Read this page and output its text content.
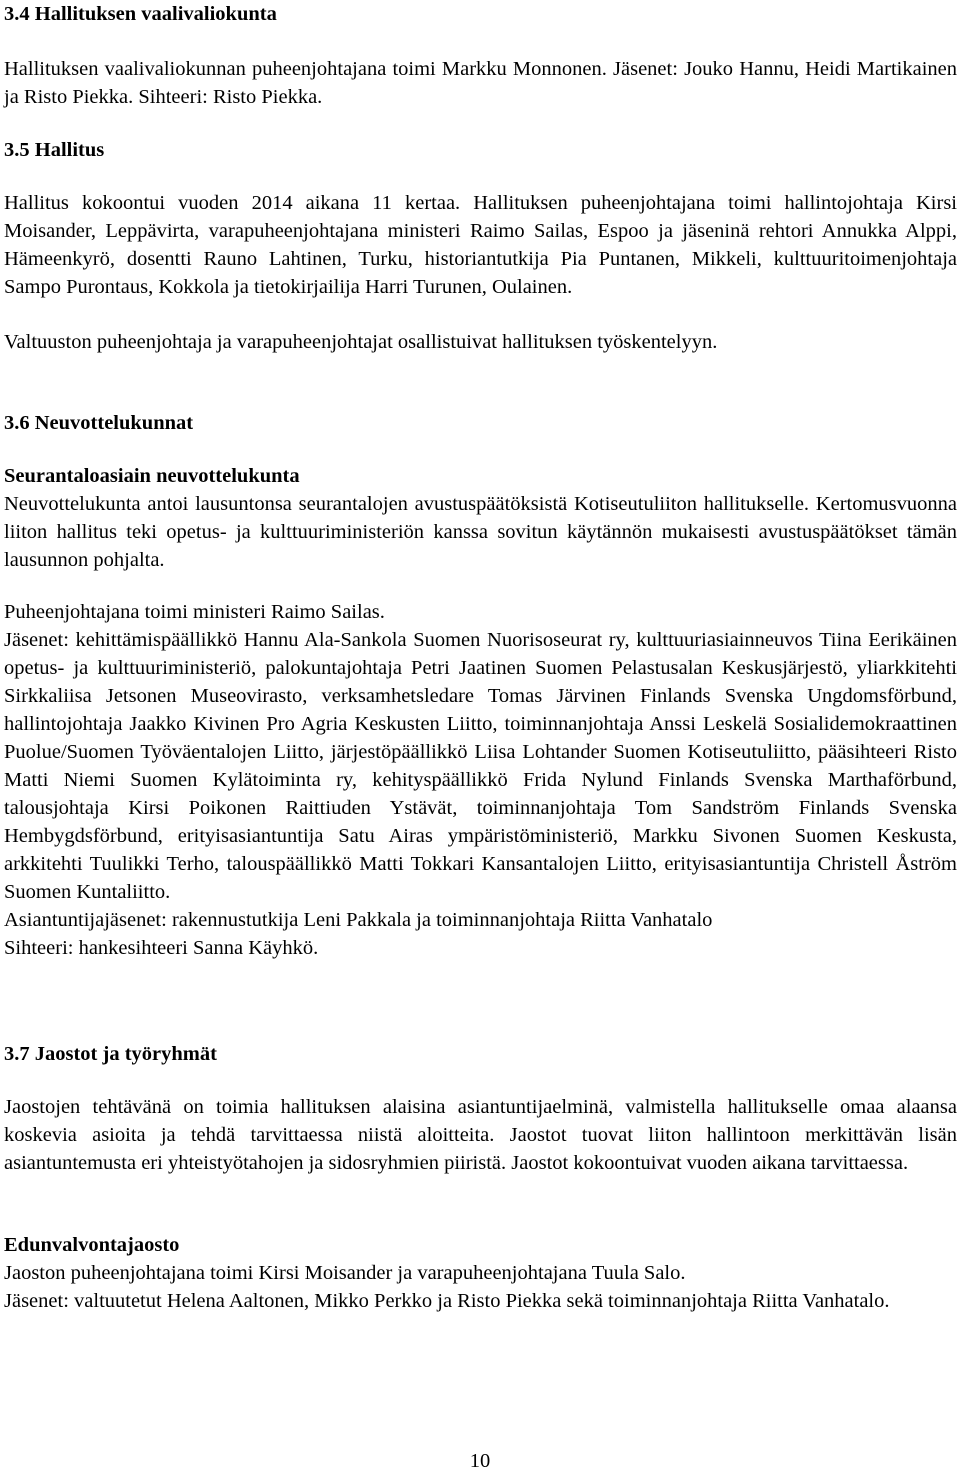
3.4 Hallituksen vaalivaliokunta

Hallituksen vaalivaliokunnan puheenjohtajana toimi Markku Monnonen. Jäsenet: Jouko Hannu, Heidi Martikainen ja Risto Piekka. Sihteeri: Risto Piekka.

3.5 Hallitus

Hallitus kokoontui vuoden 2014 aikana 11 kertaa. Hallituksen puheenjohtajana toimi hallintojohtaja Kirsi Moisander, Leppävirta, varapuheenjohtajana ministeri Raimo Sailas, Espoo ja jäseninä rehtori Annukka Alppi, Hämeenkyrö, dosentti Rauno Lahtinen, Turku, historiantutkija Pia Puntanen, Mikkeli, kulttuuritoimenjohtaja Sampo Purontaus, Kokkola ja tietokirjailija Harri Turunen, Oulainen.

Valtuuston puheenjohtaja ja varapuheenjohtajat osallistuivat hallituksen työskentelyyn.

3.6 Neuvottelukunnat

Seurantaloasiain neuvottelukunta

Neuvottelukunta antoi lausuntonsa seurantalojen avustuspäätöksistä Kotiseutuliiton hallitukselle. Kertomusvuonna liiton hallitus teki opetus- ja kulttuuriministeriön kanssa sovitun käytännön mukaisesti avustuspäätökset tämän lausunnon pohjalta.

Puheenjohtajana toimi ministeri Raimo Sailas.

Jäsenet: kehittämispäällikkö Hannu Ala-Sankola Suomen Nuorisoseurat ry, kulttuuriasiainneuvos Tiina Eerikäinen opetus- ja kulttuuriministeriö, palokuntajohtaja Petri Jaatinen Suomen Pelastusalan Keskusjärjestö, yliarkkitehti Sirkkaliisa Jetsonen Museovirasto, verksamhetsledare Tomas Järvinen Finlands Svenska Ungdomsförbund, hallintojohtaja Jaakko Kivinen Pro Agria Keskusten Liitto, toiminnanjohtaja Anssi Leskelä Sosialidemokraattinen Puolue/Suomen Työväentalojen Liitto, järjestöpäällikkö Liisa Lohtander Suomen Kotiseutuliitto, pääsihteeri Risto Matti Niemi Suomen Kylätoiminta ry, kehityspäällikkö Frida Nylund Finlands Svenska Marthaförbund, talousjohtaja Kirsi Poikonen Raittiuden Ystävät, toiminnanjohtaja Tom Sandström Finlands Svenska Hembygdsförbund, erityisasiantuntija Satu Airas ympäristöministeriö, Markku Sivonen Suomen Keskusta, arkkitehti Tuulikki Terho, talouspäällikkö Matti Tokkari Kansantalojen Liitto, erityisasiantuntija Christell Åström Suomen Kuntaliitto.

Asiantuntijajäsenet: rakennustutkija Leni Pakkala ja toiminnanjohtaja Riitta Vanhatalo

Sihteeri: hankesihteeri Sanna Käyhkö.

3.7 Jaostot ja työryhmät

Jaostojen tehtävänä on toimia hallituksen alaisina asiantuntijaelminä, valmistella hallitukselle omaa alaansa koskevia asioita ja tehdä tarvittaessa niistä aloitteita. Jaostot tuovat liiton hallintoon merkittävän lisän asiantuntemusta eri yhteistyötahojen ja sidosryhmien piiristä. Jaostot kokoontuivat vuoden aikana tarvittaessa.

Edunvalvontajaosto

Jaoston puheenjohtajana toimi Kirsi Moisander ja varapuheenjohtajana Tuula Salo.

Jäsenet: valtuutetut Helena Aaltonen, Mikko Perkko ja Risto Piekka sekä toiminnanjohtaja Riitta Vanhatalo.

10
